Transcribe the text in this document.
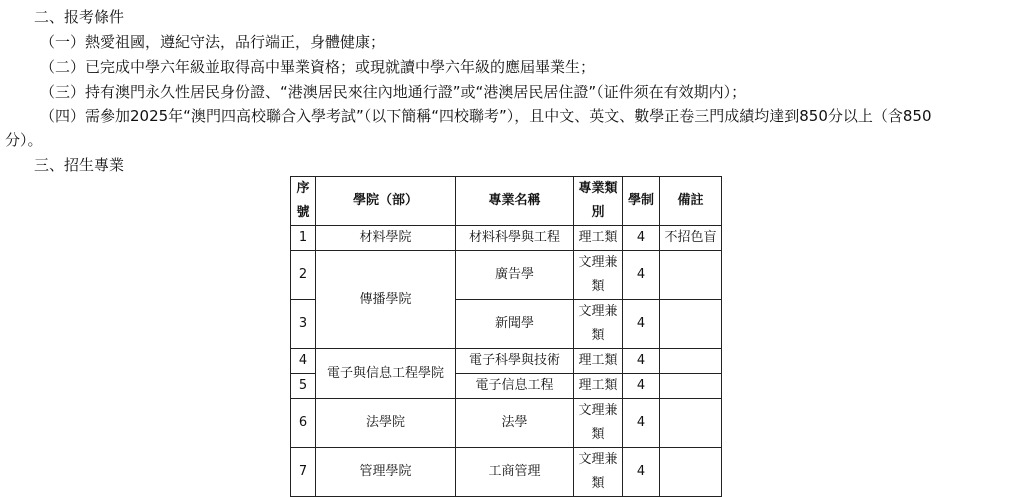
二、报考條件
（一）熱愛祖國，遵紀守法，品行端正，身體健康；
（二）已完成中學六年級並取得高中畢業資格；或現就讀中學六年級的應屆畢業生；
（三）持有澳門永久性居民身份證、“港澳居民來往內地通行證”或“港澳居民居住證”（证件须在有效期内）；
（四）需參加2025年“澳門四高校聯合入學考試”（以下簡稱“四校聯考”），且中文、英文、數學正卷三門成績均達到850分以上（含850
分）。
三、招生專業
序號	學院（部）	專業名稱	專業類別	學制	備註
1	材料學院	材料科學與工程	理工類	4	不招色盲
2	傳播學院	廣告學	文理兼類	4	
3		新聞學	文理兼類	4	
4	電子與信息工程學院	電子科學與技術	理工類	4	
5		電子信息工程	理工類	4	
6	法學院	法學	文理兼類	4	
7	管理學院	工商管理	文理兼類	4	
